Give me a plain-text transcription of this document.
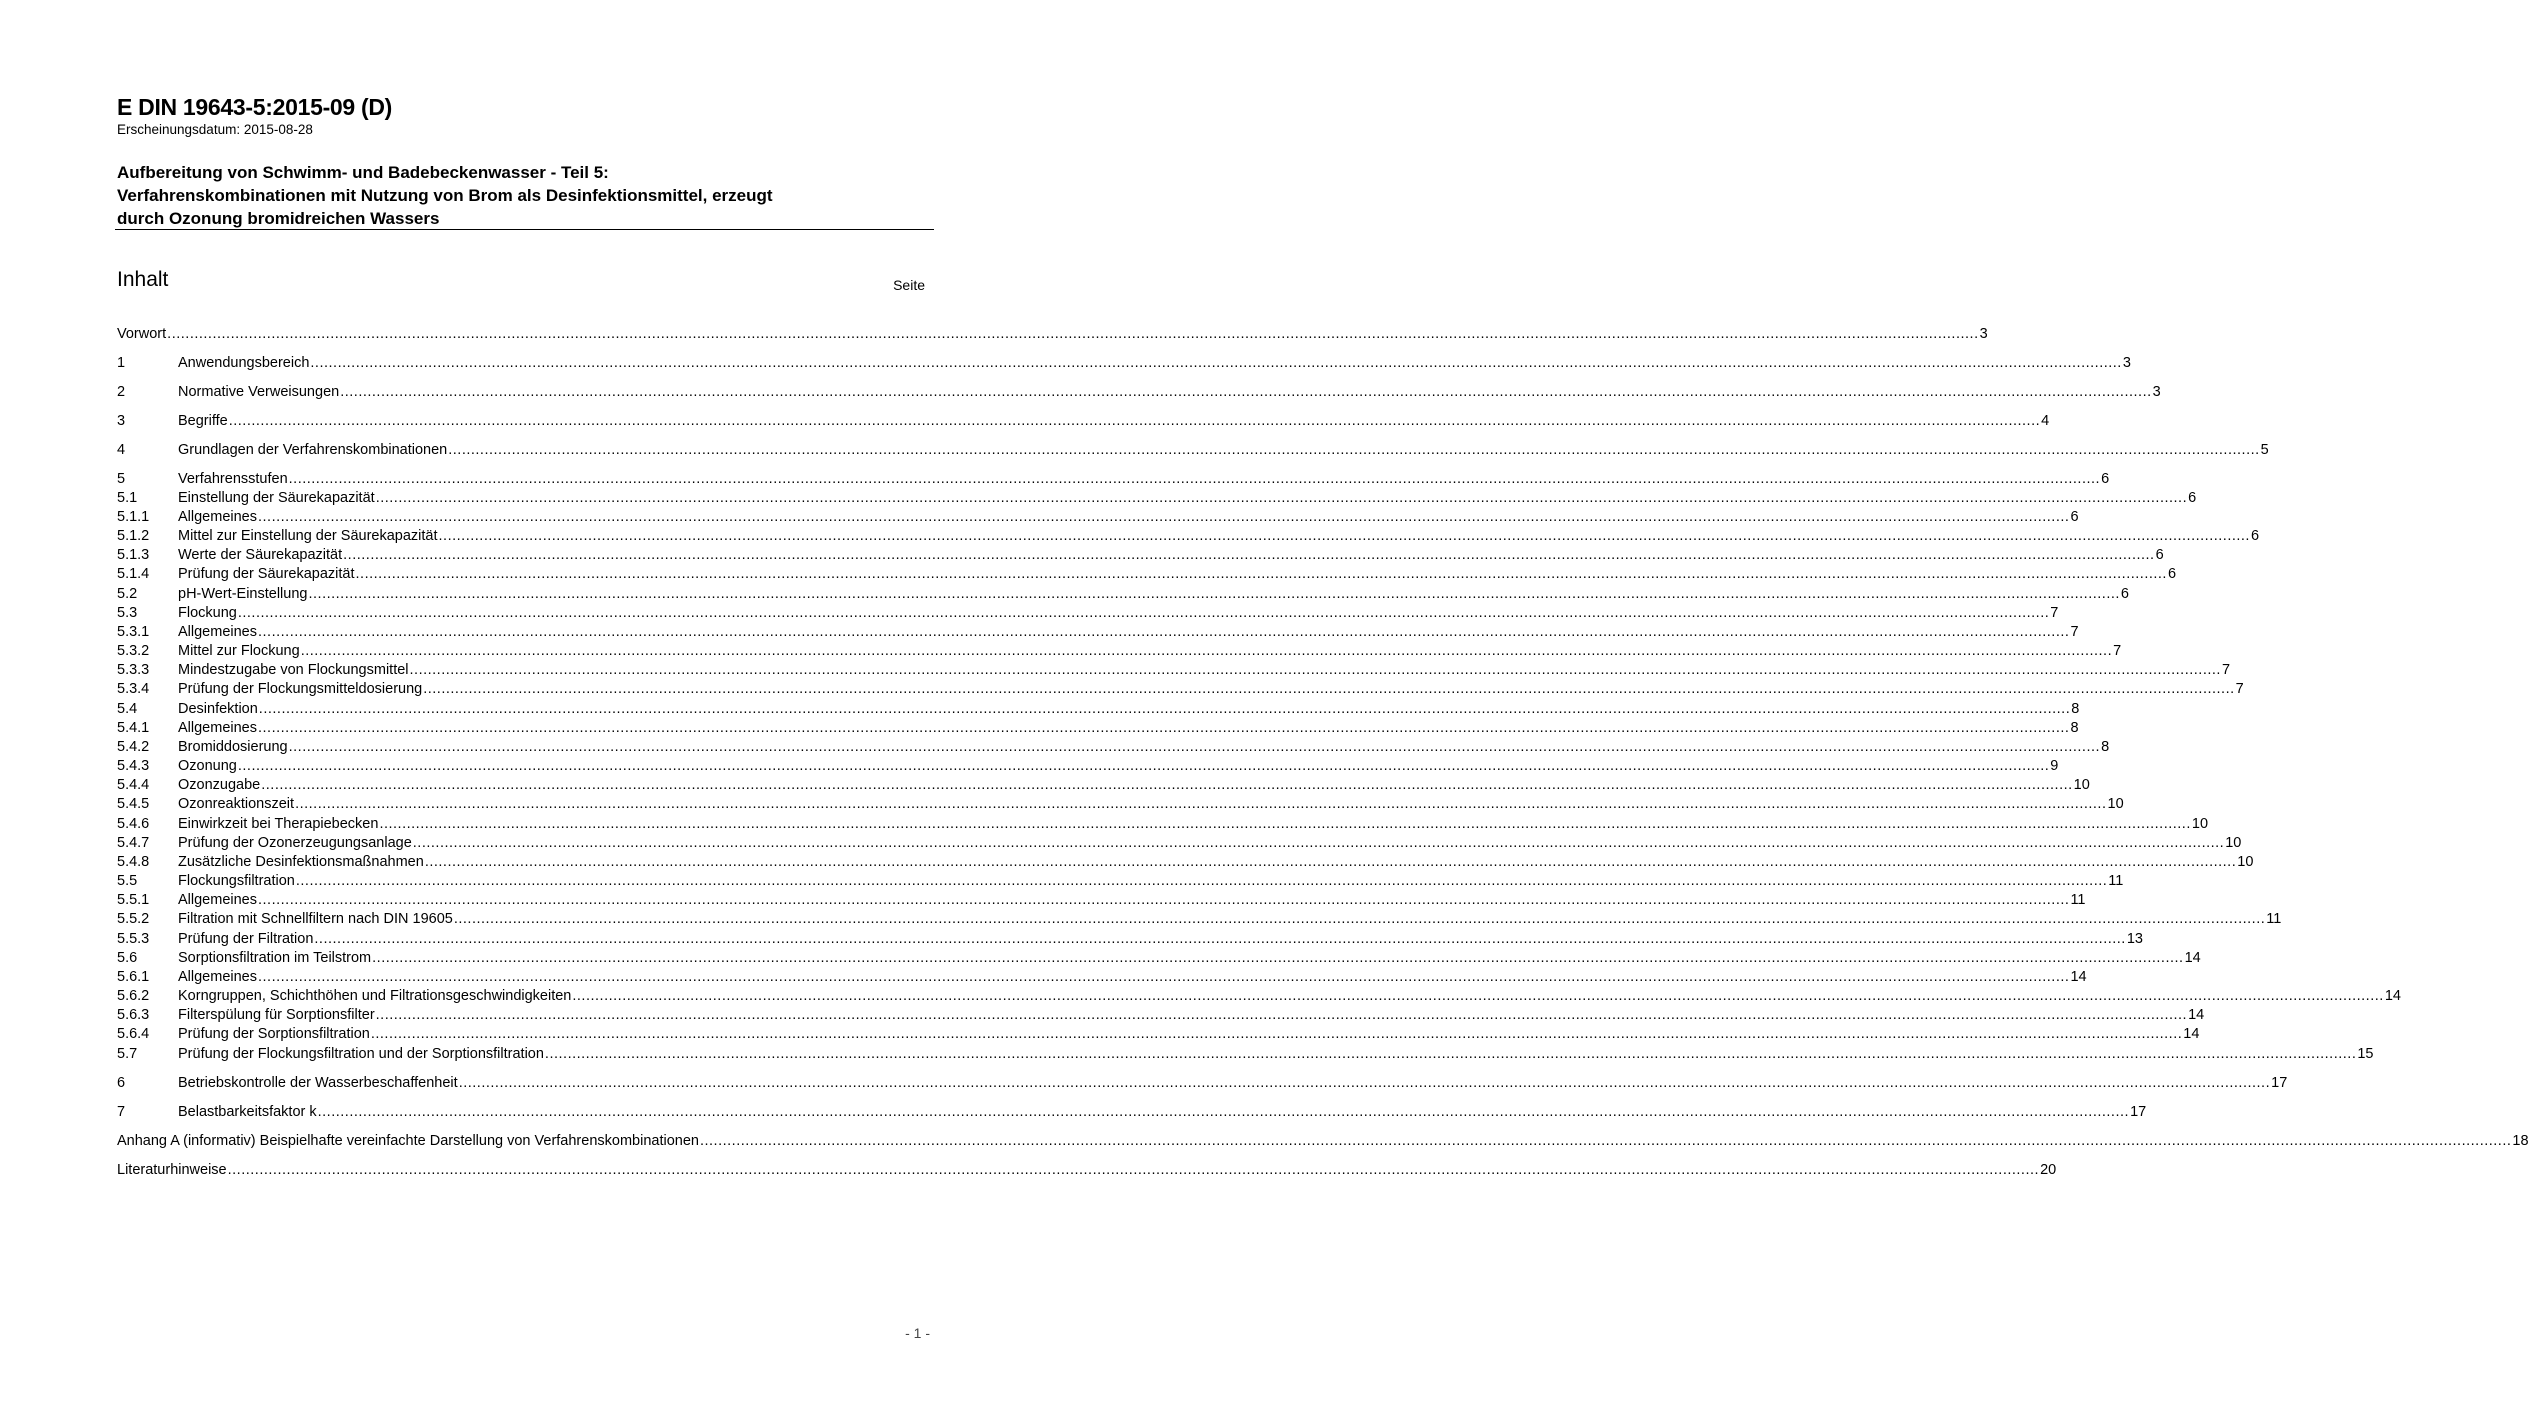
E DIN 19643-5:2015-09 (D)
Erscheinungsdatum: 2015-08-28
Aufbereitung von Schwimm- und Badebeckenwasser - Teil 5:
Verfahrenskombinationen mit Nutzung von Brom als Desinfektionsmittel, erzeugt
durch Ozonung bromidreichen Wassers
Inhalt	Seite
Vorwort ................................................................................................................................................................................................................................................................................................................................................................................................................ 3
1	Anwendungsbereich ................................................................................................................................................................................................................................................................................................................................................................................................................ 3
2	Normative Verweisungen ................................................................................................................................................................................................................................................................................................................................................................................................................ 3
3	Begriffe ................................................................................................................................................................................................................................................................................................................................................................................................................ 4
4	Grundlagen der Verfahrenskombinationen ................................................................................................................................................................................................................................................................................................................................................................................................................ 5
5	Verfahrensstufen ................................................................................................................................................................................................................................................................................................................................................................................................................ 6
5.1	Einstellung der Säurekapazität ................................................................................................................................................................................................................................................................................................................................................................................................................ 6
5.1.1	Allgemeines ................................................................................................................................................................................................................................................................................................................................................................................................................ 6
5.1.2	Mittel zur Einstellung der Säurekapazität ................................................................................................................................................................................................................................................................................................................................................................................................................ 6
5.1.3	Werte der Säurekapazität ................................................................................................................................................................................................................................................................................................................................................................................................................ 6
5.1.4	Prüfung der Säurekapazität ................................................................................................................................................................................................................................................................................................................................................................................................................ 6
5.2	pH-Wert-Einstellung ................................................................................................................................................................................................................................................................................................................................................................................................................ 6
5.3	Flockung ................................................................................................................................................................................................................................................................................................................................................................................................................ 7
5.3.1	Allgemeines ................................................................................................................................................................................................................................................................................................................................................................................................................ 7
5.3.2	Mittel zur Flockung ................................................................................................................................................................................................................................................................................................................................................................................................................ 7
5.3.3	Mindestzugabe von Flockungsmittel ................................................................................................................................................................................................................................................................................................................................................................................................................ 7
5.3.4	Prüfung der Flockungsmitteldosierung ................................................................................................................................................................................................................................................................................................................................................................................................................ 7
5.4	Desinfektion ................................................................................................................................................................................................................................................................................................................................................................................................................ 8
5.4.1	Allgemeines ................................................................................................................................................................................................................................................................................................................................................................................................................ 8
5.4.2	Bromiddosierung ................................................................................................................................................................................................................................................................................................................................................................................................................ 8
5.4.3	Ozonung ................................................................................................................................................................................................................................................................................................................................................................................................................ 9
5.4.4	Ozonzugabe ................................................................................................................................................................................................................................................................................................................................................................................................................ 10
5.4.5	Ozonreaktionszeit ................................................................................................................................................................................................................................................................................................................................................................................................................ 10
5.4.6	Einwirkzeit bei Therapiebecken ................................................................................................................................................................................................................................................................................................................................................................................................................ 10
5.4.7	Prüfung der Ozonerzeugungsanlage ................................................................................................................................................................................................................................................................................................................................................................................................................ 10
5.4.8	Zusätzliche Desinfektionsmaßnahmen ................................................................................................................................................................................................................................................................................................................................................................................................................ 10
5.5	Flockungsfiltration ................................................................................................................................................................................................................................................................................................................................................................................................................ 11
5.5.1	Allgemeines ................................................................................................................................................................................................................................................................................................................................................................................................................ 11
5.5.2	Filtration mit Schnellfiltern nach DIN 19605 ................................................................................................................................................................................................................................................................................................................................................................................................................ 11
5.5.3	Prüfung der Filtration ................................................................................................................................................................................................................................................................................................................................................................................................................ 13
5.6	Sorptionsfiltration im Teilstrom ................................................................................................................................................................................................................................................................................................................................................................................................................ 14
5.6.1	Allgemeines ................................................................................................................................................................................................................................................................................................................................................................................................................ 14
5.6.2	Korngruppen, Schichthöhen und Filtrationsgeschwindigkeiten ................................................................................................................................................................................................................................................................................................................................................................................................................ 14
5.6.3	Filterspülung für Sorptionsfilter ................................................................................................................................................................................................................................................................................................................................................................................................................ 14
5.6.4	Prüfung der Sorptionsfiltration ................................................................................................................................................................................................................................................................................................................................................................................................................ 14
5.7	Prüfung der Flockungsfiltration und der Sorptionsfiltration ................................................................................................................................................................................................................................................................................................................................................................................................................ 15
6	Betriebskontrolle der Wasserbeschaffenheit ................................................................................................................................................................................................................................................................................................................................................................................................................ 17
7	Belastbarkeitsfaktor k ................................................................................................................................................................................................................................................................................................................................................................................................................ 17
Anhang A (informativ) Beispielhafte vereinfachte Darstellung von Verfahrenskombinationen ................................................................................................................................................................................................................................................................................................................................................................................................................ 18
Literaturhinweise ................................................................................................................................................................................................................................................................................................................................................................................................................ 20
- 1 -
